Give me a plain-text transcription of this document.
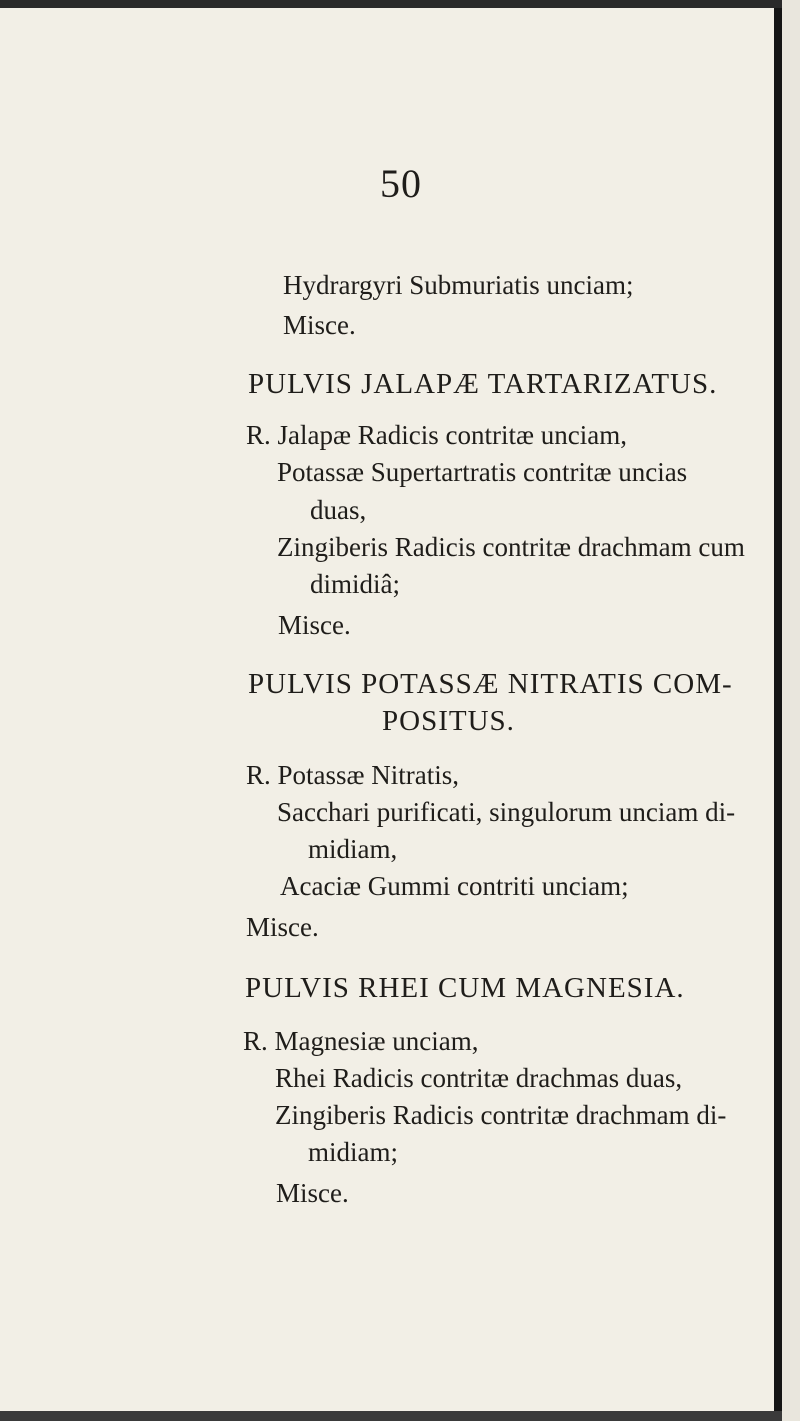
50
Hydrargyri Submuriatis unciam;
Misce.
PULVIS JALAPÆ TARTARIZATUS.
R. Jalapæ Radicis contritæ unciam,
Potassæ Supertartratis contritæ uncias
duas,
Zingiberis Radicis contritæ drachmam cum
dimidiâ;
Misce.
PULVIS POTASSÆ NITRATIS COM-
POSITUS.
R. Potassæ Nitratis,
Sacchari purificati, singulorum unciam di-
midiam,
Acaciæ Gummi contriti unciam;
Misce.
PULVIS RHEI CUM MAGNESIA.
R. Magnesiæ unciam,
Rhei Radicis contritæ drachmas duas,
Zingiberis Radicis contritæ drachmam di-
midiam;
Misce.
